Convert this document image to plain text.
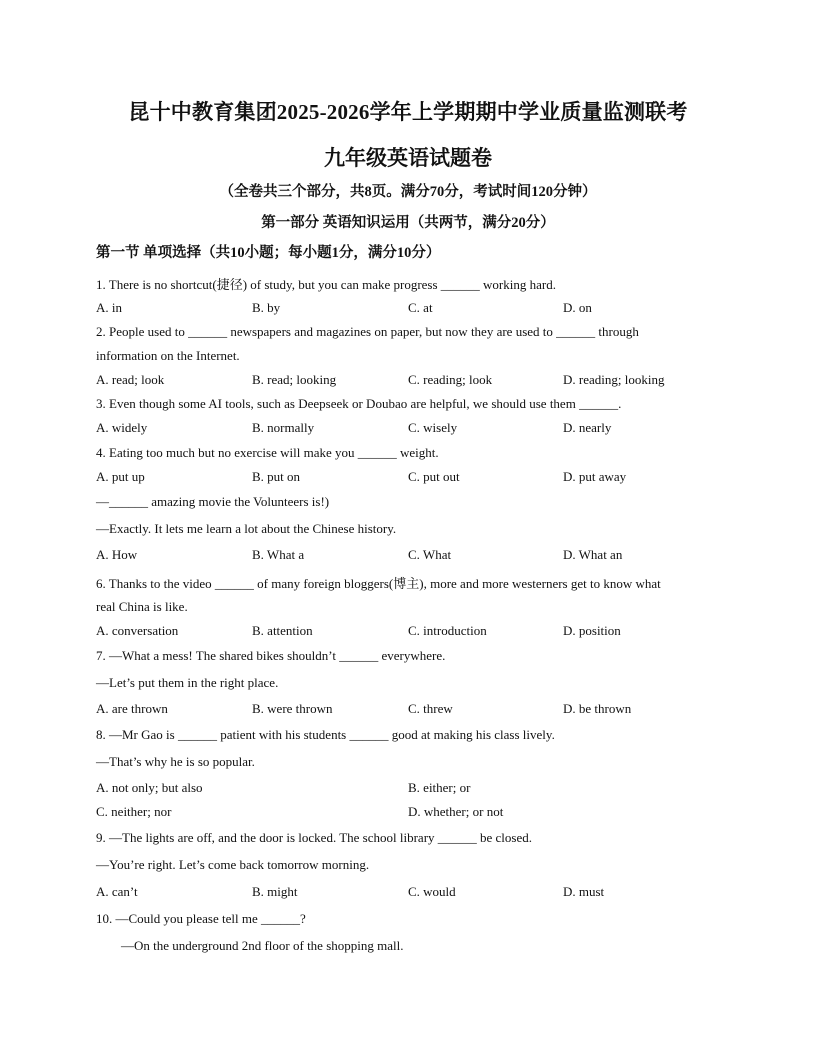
昆十中教育集团2025-2026学年上学期期中学业质量监测联考
九年级英语试题卷
（全卷共三个部分，共8页。满分70分，考试时间120分钟）
第一部分 英语知识运用（共两节，满分20分）
第一节 单项选择（共10小题；每小题1分，满分10分）
1. There is no shortcut(捷径) of study, but you can make progress ______ working hard.
A. in	B. by	C. at	D. on
2. People used to ______ newspapers and magazines on paper, but now they are used to ______ through
information on the Internet.
A. read; look	B. read; looking	C. reading; look	D. reading; looking
3. Even though some AI tools, such as Deepseek or Doubao are helpful, we should use them ______.
A. widely	B. normally	C. wisely	D. nearly
4. Eating too much but no exercise will make you ______ weight.
A. put up	B. put on	C. put out	D. put away
—______ amazing movie the Volunteers is!)
—Exactly. It lets me learn a lot about the Chinese history.
A. How	B. What a	C. What	D. What an
6. Thanks to the video ______ of many foreign bloggers(博主), more and more westerners get to know what
real China is like.
A. conversation	B. attention	C. introduction	D. position
7. —What a mess! The shared bikes shouldn’t ______ everywhere.
—Let’s put them in the right place.
A. are thrown	B. were thrown	C. threw	D. be thrown
8. —Mr Gao is ______ patient with his students ______ good at making his class lively.
—That’s why he is so popular.
A. not only; but also	B. either; or
C. neither; nor	D. whether; or not
9. —The lights are off, and the door is locked. The school library ______ be closed.
—You’re right. Let’s come back tomorrow morning.
A. can’t	B. might	C. would	D. must
10. —Could you please tell me ______?
—On the underground 2nd floor of the shopping mall.
